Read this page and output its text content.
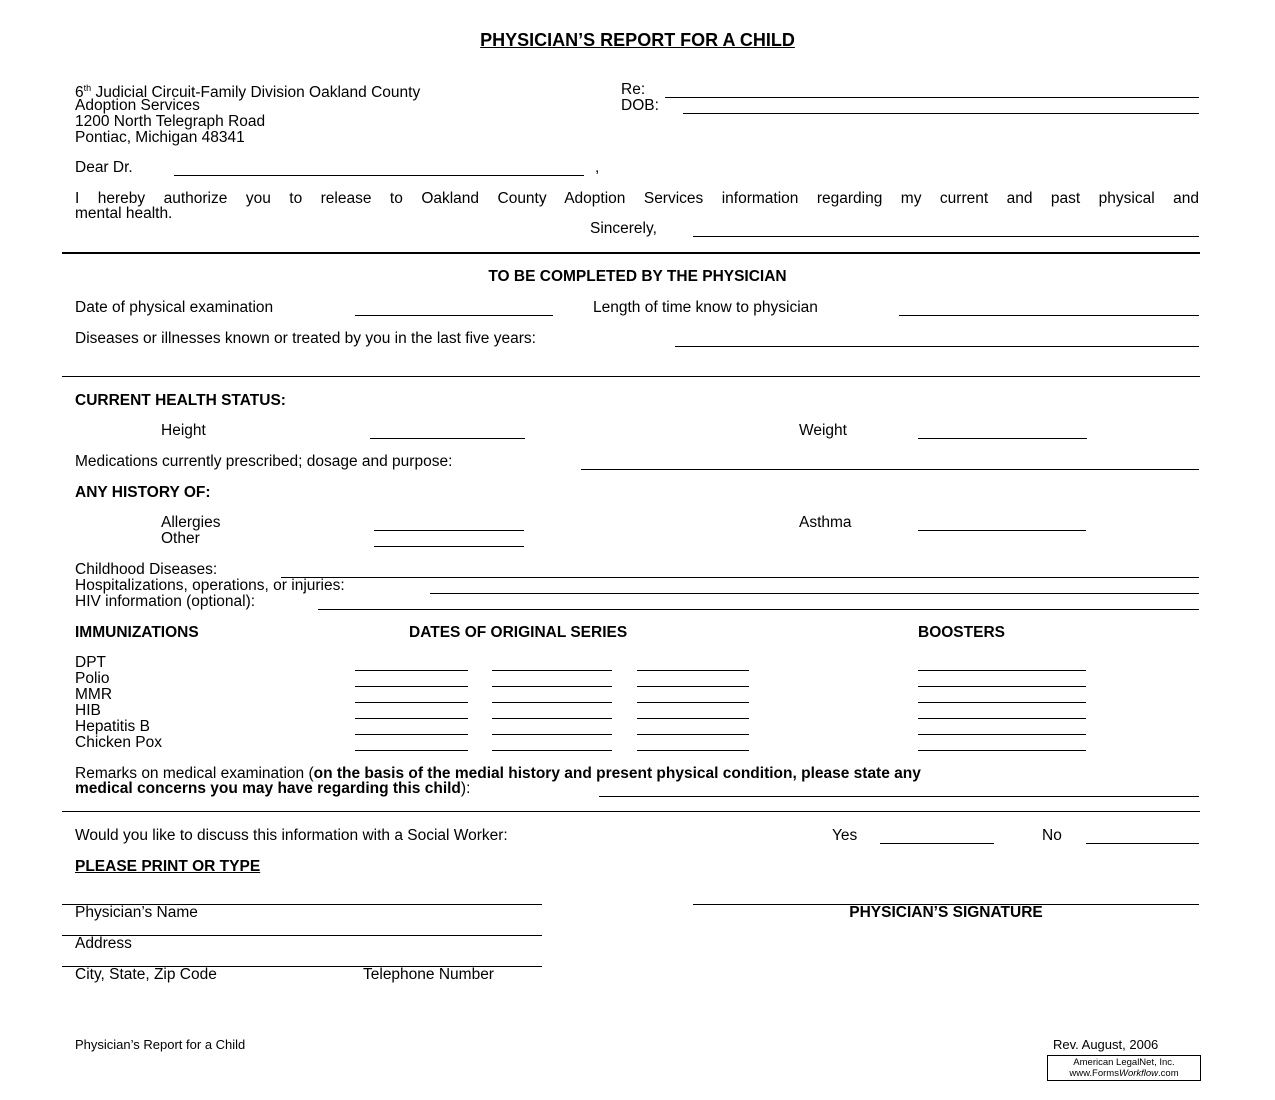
PHYSICIAN’S REPORT FOR A CHILD
6th Judicial Circuit-Family Division Oakland County
Adoption Services
1200 North Telegraph Road
Pontiac, Michigan 48341
Re:
DOB:
Dear Dr.	,
I hereby authorize you to release to Oakland County Adoption Services information regarding my current and past physical and
mental health.
Sincerely,
TO BE COMPLETED BY THE PHYSICIAN
Date of physical examination	Length of time know to physician
Diseases or illnesses known or treated by you in the last five years:
CURRENT HEALTH STATUS:
Height	Weight
Medications currently prescribed; dosage and purpose:
ANY HISTORY OF:
Allergies	Asthma
Other
Childhood Diseases:
Hospitalizations, operations, or injuries:
HIV information (optional):
IMMUNIZATIONS	DATES OF ORIGINAL SERIES	BOOSTERS
DPT
Polio
MMR
HIB
Hepatitis B
Chicken Pox
Remarks on medical examination (on the basis of the medial history and present physical condition, please state any
medical concerns you may have regarding this child):
Would you like to discuss this information with a Social Worker:	Yes	No
PLEASE PRINT OR TYPE
Physician’s Name	PHYSICIAN’S SIGNATURE
Address
City, State, Zip Code	Telephone Number
Physician’s Report for a Child	Rev. August, 2006
American LegalNet, Inc.
www.FormsWorkflow.com
